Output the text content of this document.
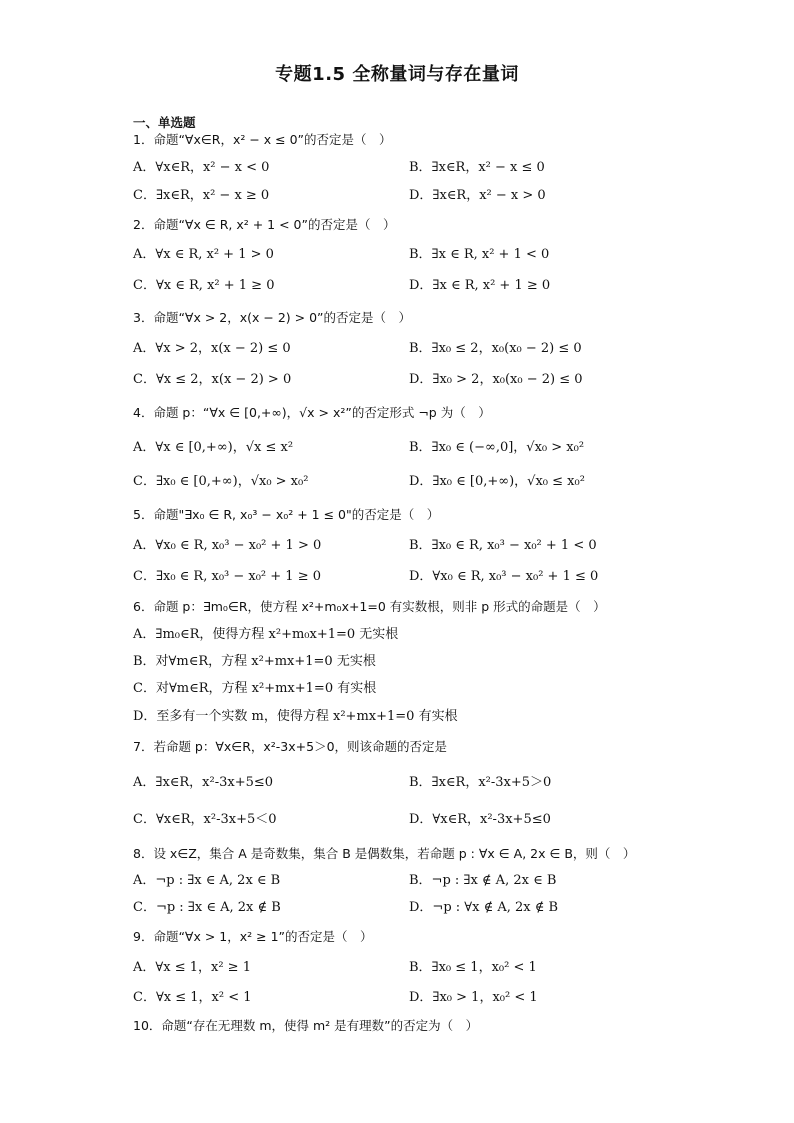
专题1.5 全称量词与存在量词
一、单选题
1．命题“∀x∈R，x² − x ≤ 0”的否定是（　）
A．∀x∈R，x² − x < 0	B．∃x∈R，x² − x ≤ 0
C．∃x∈R，x² − x ≥ 0	D．∃x∈R，x² − x > 0
2．命题“∀x ∈ R, x² + 1 < 0”的否定是（　）
A．∀x ∈ R, x² + 1 > 0	B．∃x ∈ R, x² + 1 < 0
C．∀x ∈ R, x² + 1 ≥ 0	D．∃x ∈ R, x² + 1 ≥ 0
3．命题“∀x > 2，x(x − 2) > 0”的否定是（　）
A．∀x > 2，x(x − 2) ≤ 0	B．∃x₀ ≤ 2，x₀(x₀ − 2) ≤ 0
C．∀x ≤ 2，x(x − 2) > 0	D．∃x₀ > 2，x₀(x₀ − 2) ≤ 0
4．命题 p：“∀x ∈ [0,+∞)，√x > x²”的否定形式 ¬p 为（　）
A．∀x ∈ [0,+∞)，√x ≤ x²	B．∃x₀ ∈ (−∞,0]，√x₀ > x₀²
C．∃x₀ ∈ [0,+∞)，√x₀ > x₀²	D．∃x₀ ∈ [0,+∞)，√x₀ ≤ x₀²
5．命题"∃x₀ ∈ R, x₀³ − x₀² + 1 ≤ 0"的否定是（　）
A．∀x₀ ∈ R, x₀³ − x₀² + 1 > 0	B．∃x₀ ∈ R, x₀³ − x₀² + 1 < 0
C．∃x₀ ∈ R, x₀³ − x₀² + 1 ≥ 0	D．∀x₀ ∈ R, x₀³ − x₀² + 1 ≤ 0
6．命题 p：∃m₀∈R，使方程 x²+m₀x+1=0 有实数根，则非 p 形式的命题是（　）
A．∃m₀∈R，使得方程 x²+m₀x+1=0 无实根
B．对∀m∈R，方程 x²+mx+1=0 无实根
C．对∀m∈R，方程 x²+mx+1=0 有实根
D．至多有一个实数 m，使得方程 x²+mx+1=0 有实根
7．若命题 p：∀x∈R，x²-3x+5＞0，则该命题的否定是
A．∃x∈R，x²-3x+5≤0	B．∃x∈R，x²-3x+5＞0
C．∀x∈R，x²-3x+5＜0	D．∀x∈R，x²-3x+5≤0
8．设 x∈Z，集合 A 是奇数集，集合 B 是偶数集，若命题 p : ∀x ∈ A, 2x ∈ B，则（　）
A．¬p : ∃x ∈ A, 2x ∈ B	B．¬p : ∃x ∉ A, 2x ∈ B
C．¬p : ∃x ∈ A, 2x ∉ B	D．¬p : ∀x ∉ A, 2x ∉ B
9．命题“∀x > 1，x² ≥ 1”的否定是（　）
A．∀x ≤ 1，x² ≥ 1	B．∃x₀ ≤ 1，x₀² < 1
C．∀x ≤ 1，x² < 1	D．∃x₀ > 1，x₀² < 1
10．命题“存在无理数 m，使得 m² 是有理数”的否定为（　）
